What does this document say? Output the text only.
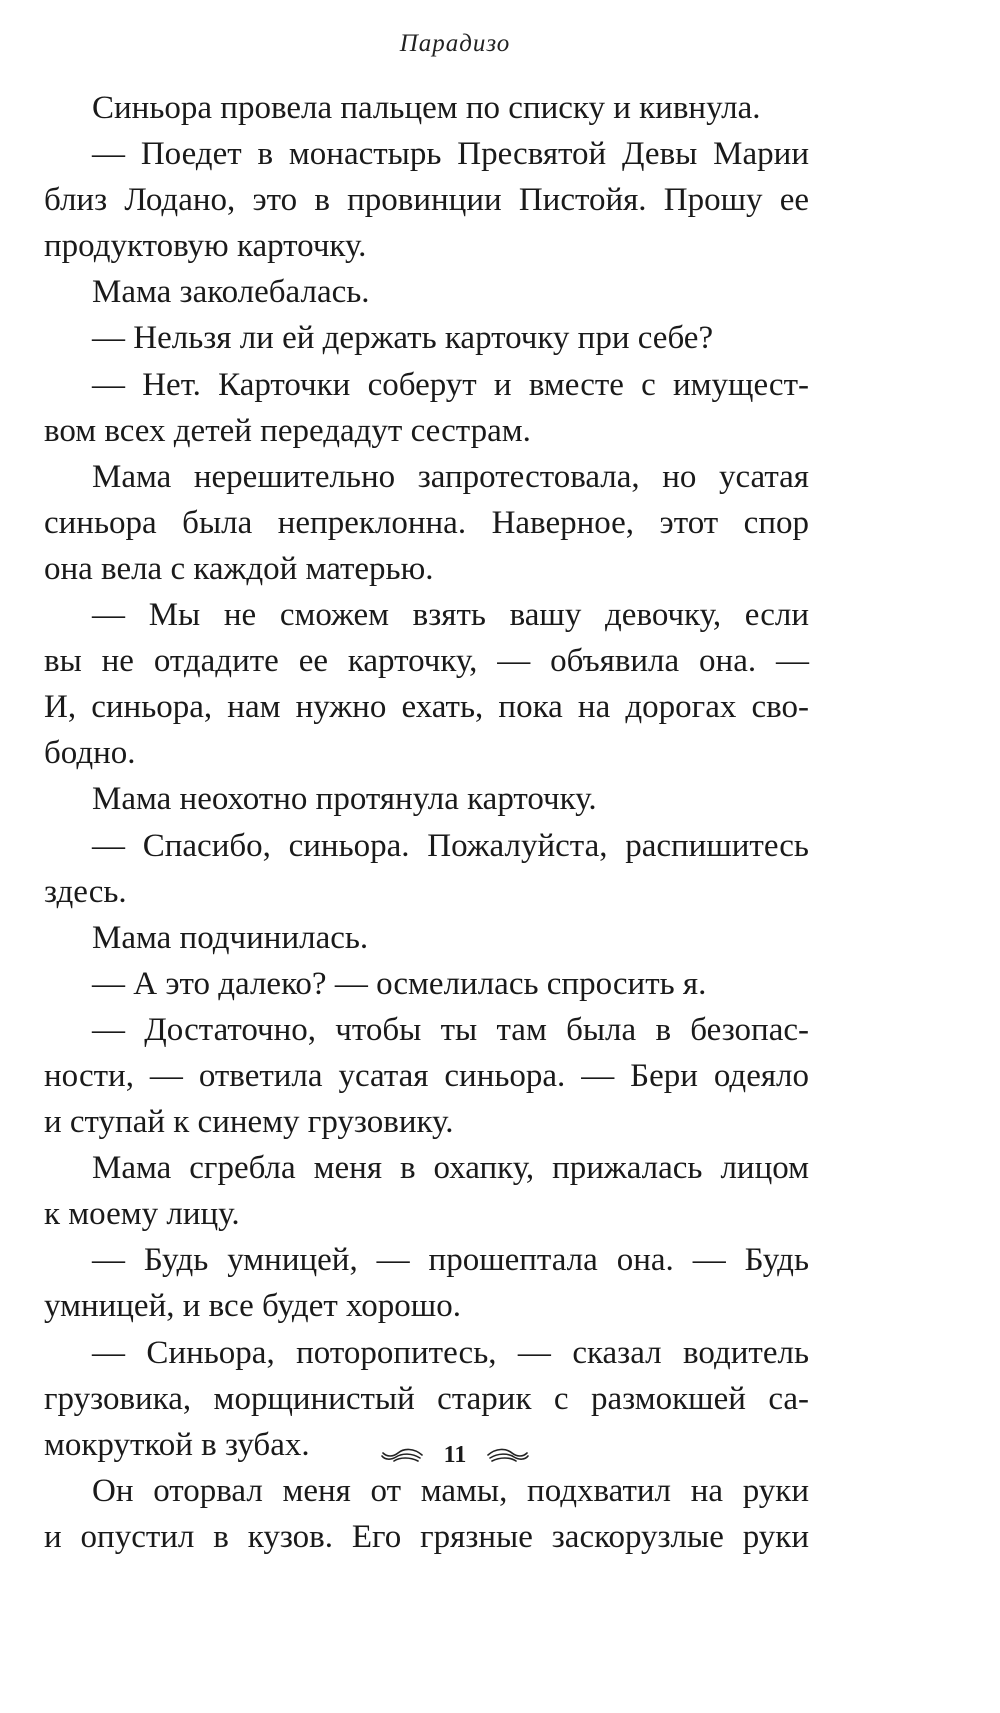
Парадизо
Синьора провела пальцем по списку и кивнула.
— Поедет в монастырь Пресвятой Девы Марии
близ Лодано, это в провинции Пистойя. Прошу ее
продуктовую карточку.
Мама заколебалась.
— Нельзя ли ей держать карточку при себе?
— Нет. Карточки соберут и вместе с имущест-
вом всех детей передадут сестрам.
Мама нерешительно запротестовала, но усатая
синьора была непреклонна. Наверное, этот спор
она вела с каждой матерью.
— Мы не сможем взять вашу девочку, если
вы не отдадите ее карточку, — объявила она. —
И, синьора, нам нужно ехать, пока на дорогах сво-
бодно.
Мама неохотно протянула карточку.
— Спасибо, синьора. Пожалуйста, распишитесь
здесь.
Мама подчинилась.
— А это далеко? — осмелилась спросить я.
— Достаточно, чтобы ты там была в безопас-
ности, — ответила усатая синьора. — Бери одеяло
и ступай к синему грузовику.
Мама сгребла меня в охапку, прижалась лицом
к моему лицу.
— Будь умницей, — прошептала она. — Будь
умницей, и все будет хорошо.
— Синьора, поторопитесь, — сказал водитель
грузовика, морщинистый старик с размокшей са-
мокруткой в зубах.
Он оторвал меня от мамы, подхватил на руки
и опустил в кузов. Его грязные заскорузлые руки
11
